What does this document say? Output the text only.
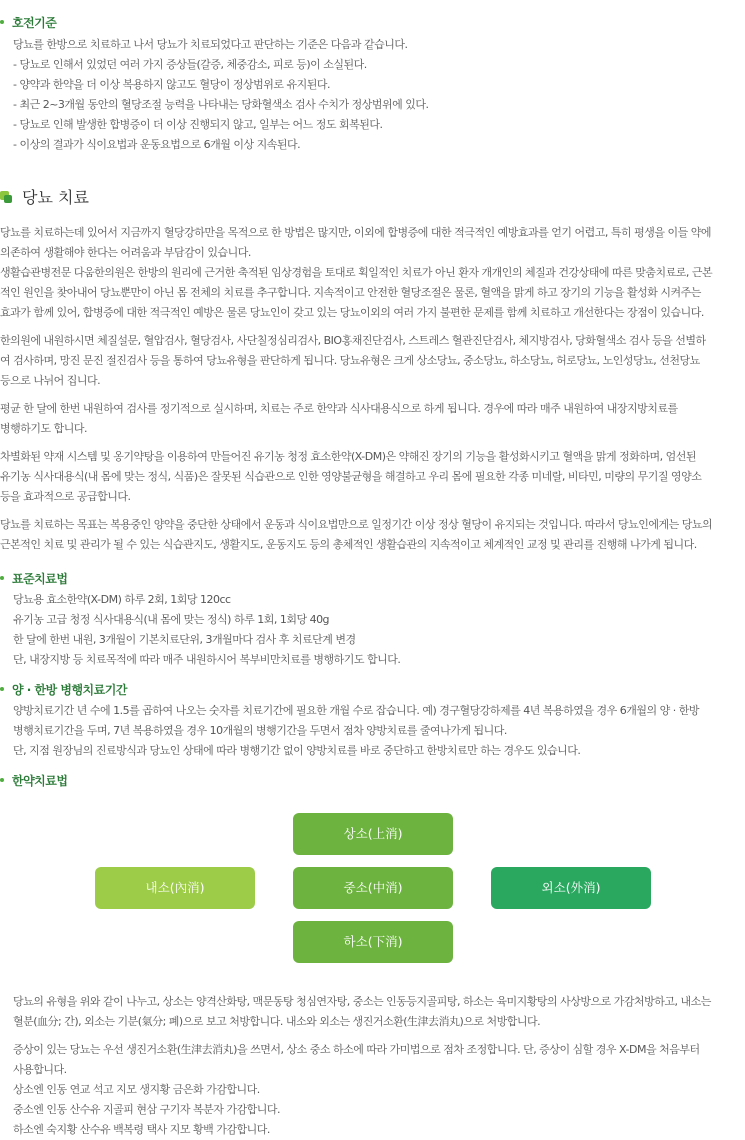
호전기준
당뇨를 한방으로 치료하고 나서 당뇨가 치료되었다고 판단하는 기준은 다음과 같습니다.
- 당뇨로 인해서 있었던 여러 가지 증상들(갈증, 체중감소, 피로 등)이 소실된다.
- 양약과 한약을 더 이상 복용하지 않고도 혈당이 정상범위로 유지된다.
- 최근 2~3개월 동안의 혈당조절 능력을 나타내는 당화혈색소 검사 수치가 정상범위에 있다.
- 당뇨로 인해 발생한 합병증이 더 이상 진행되지 않고, 일부는 어느 정도 회복된다.
- 이상의 결과가 식이요법과 운동요법으로 6개월 이상 지속된다.
당뇨 치료
당뇨를 치료하는데 있어서 지금까지 혈당강하만을 목적으로 한 방법은 많지만, 이외에 합병증에 대한 적극적인 예방효과를 얻기 어렵고, 특히 평생을 이들 약에
의존하여 생활해야 한다는 어려움과 부담감이 있습니다.
생활습관병전문 다움한의원은 한방의 원리에 근거한 축적된 임상경험을 토대로 획일적인 치료가 아닌 환자 개개인의 체질과 건강상태에 따른 맞춤치료로, 근본
적인 원인을 찾아내어 당뇨뿐만이 아닌 몸 전체의 치료를 추구합니다. 지속적이고 안전한 혈당조절은 물론, 혈액을 맑게 하고 장기의 기능을 활성화 시켜주는
효과가 함께 있어, 합병증에 대한 적극적인 예방은 물론 당뇨인이 갖고 있는 당뇨이외의 여러 가지 불편한 문제를 함께 치료하고 개선한다는 장점이 있습니다.
한의원에 내원하시면 체질설문, 혈압검사, 혈당검사, 사단칠정심리검사, BIO홍채진단검사, 스트레스 혈관진단검사, 체지방검사, 당화혈색소 검사 등을 선별하
여 검사하며, 망진 문진 절진검사 등을 통하여 당뇨유형을 판단하게 됩니다. 당뇨유형은 크게 상소당뇨, 중소당뇨, 하소당뇨, 허로당뇨, 노인성당뇨, 선천당뇨
등으로 나뉘어 집니다.
평균 한 달에 한번 내원하여 검사를 정기적으로 실시하며, 치료는 주로 한약과 식사대용식으로 하게 됩니다. 경우에 따라 매주 내원하여 내장지방치료를
병행하기도 합니다.
차별화된 약재 시스템 및 옹기약탕을 이용하여 만들어진 유기농 청정 효소한약(X-DM)은 약해진 장기의 기능을 활성화시키고 혈액을 맑게 정화하며, 엄선된
유기농 식사대용식(내 몸에 맞는 정식, 식품)은 잘못된 식습관으로 인한 영양불균형을 해결하고 우리 몸에 필요한 각종 미네랄, 비타민, 미량의 무기질 영양소
등을 효과적으로 공급합니다.
당뇨를 치료하는 목표는 복용중인 양약을 중단한 상태에서 운동과 식이요법만으로 일정기간 이상 정상 혈당이 유지되는 것입니다. 따라서 당뇨인에게는 당뇨의
근본적인 치료 및 관리가 될 수 있는 식습관지도, 생활지도, 운동지도 등의 총체적인 생활습관의 지속적이고 체계적인 교정 및 관리를 진행해 나가게 됩니다.
표준치료법
당뇨용 효소한약(X-DM) 하루 2회, 1회당 120cc
유기농 고급 청정 식사대용식(내 몸에 맞는 정식) 하루 1회, 1회당 40g
한 달에 한번 내원, 3개월이 기본치료단위, 3개월마다 검사 후 치료단계 변경
단, 내장지방 등 치료목적에 따라 매주 내원하시어 복부비만치료를 병행하기도 합니다.
양 · 한방 병행치료기간
양방치료기간 년 수에 1.5를 곱하여 나오는 숫자를 치료기간에 필요한 개월 수로 잡습니다. 예) 경구혈당강하제를 4년 복용하였을 경우 6개월의 양 · 한방
병행치료기간을 두며, 7년 복용하였을 경우 10개월의 병행기간을 두면서 점차 양방치료를 줄여나가게 됩니다.
단, 지점 원장님의 진료방식과 당뇨인 상태에 따라 병행기간 없이 양방치료를 바로 중단하고 한방치료만 하는 경우도 있습니다.
한약치료법
상소(上消)
내소(內消)	중소(中消)	외소(外消)
하소(下消)
당뇨의 유형을 위와 같이 나누고, 상소는 양격산화탕, 맥문동탕 청심연자탕, 중소는 인동등지골피탕, 하소는 육미지황탕의 사상방으로 가감처방하고, 내소는
혈분(血分; 간), 외소는 기분(氣分; 폐)으로 보고 처방합니다. 내소와 외소는 생진거소환(生津去消丸)으로 처방합니다.
증상이 있는 당뇨는 우선 생진거소환(生津去消丸)을 쓰면서, 상소 중소 하소에 따라 가미법으로 점차 조정합니다. 단, 증상이 심할 경우 X-DM을 처음부터
사용합니다.
상소엔 인동 연교 석고 지모 생지황 금은화 가감합니다.
중소엔 인동 산수유 지골피 현삼 구기자 복분자 가감합니다.
하소엔 숙지황 산수유 백복령 택사 지모 황백 가감합니다.
